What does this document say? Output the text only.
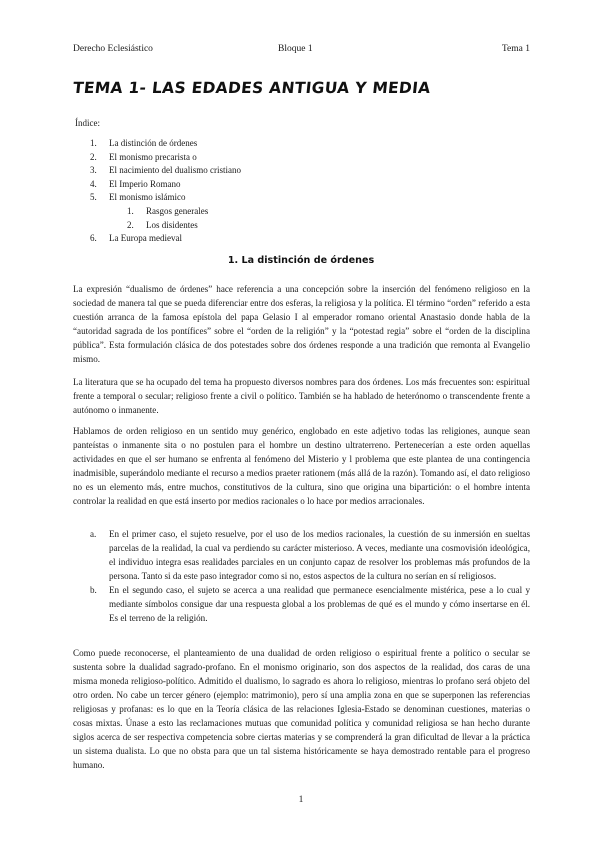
Derecho Eclesiástico	Bloque 1	Tema 1
TEMA 1- LAS EDADES ANTIGUA Y MEDIA
Índice:
1. La distinción de órdenes
2. El monismo precarista o
3. El nacimiento del dualismo cristiano
4. El Imperio Romano
5. El monismo islámico
1. Rasgos generales
2. Los disidentes
6. La Europa medieval
1. La distinción de órdenes

La expresión “dualismo de órdenes” hace referencia a una concepción sobre la inserción del fenómeno religioso en la sociedad de manera tal que se pueda diferenciar entre dos esferas, la religiosa y la política. El término “orden” referido a esta cuestión arranca de la famosa epístola del papa Gelasio I al emperador romano oriental Anastasio donde habla de la “autoridad sagrada de los pontífices” sobre el “orden de la religión” y la “potestad regia” sobre el “orden de la disciplina pública”. Esta formulación clásica de dos potestades sobre dos órdenes responde a una tradición que remonta al Evangelio mismo.

La literatura que se ha ocupado del tema ha propuesto diversos nombres para dos órdenes. Los más frecuentes son: espiritual frente a temporal o secular; religioso frente a civil o político. También se ha hablado de heterónomo o transcendente frente a autónomo o inmanente.

Hablamos de orden religioso en un sentido muy genérico, englobado en este adjetivo todas las religiones, aunque sean panteístas o inmanente sita o no postulen para el hombre un destino ultraterreno. Pertenecerían a este orden aquellas actividades en que el ser humano se enfrenta al fenómeno del Misterio y l problema que este plantea de una contingencia inadmisible, superándolo mediante el recurso a medios praeter rationem (más allá de la razón). Tomando así, el dato religioso no es un elemento más, entre muchos, constitutivos de la cultura, sino que origina una bipartición: o el hombre intenta controlar la realidad en que está inserto por medios racionales o lo hace por medios arracionales.

a. En el primer caso, el sujeto resuelve, por el uso de los medios racionales, la cuestión de su inmersión en sueltas parcelas de la realidad, la cual va perdiendo su carácter misterioso. A veces, mediante una cosmovisión ideológica, el individuo integra esas realidades parciales en un conjunto capaz de resolver los problemas más profundos de la persona. Tanto si da este paso integrador como si no, estos aspectos de la cultura no serían en sí religiosos.
b. En el segundo caso, el sujeto se acerca a una realidad que permanece esencialmente mistérica, pese a lo cual y mediante símbolos consigue dar una respuesta global a los problemas de qué es el mundo y cómo insertarse en él. Es el terreno de la religión.

Como puede reconocerse, el planteamiento de una dualidad de orden religioso o espiritual frente a político o secular se sustenta sobre la dualidad sagrado-profano. En el monismo originario, son dos aspectos de la realidad, dos caras de una misma moneda religioso-político. Admitido el dualismo, lo sagrado es ahora lo religioso, mientras lo profano será objeto del otro orden. No cabe un tercer género (ejemplo: matrimonio), pero sí una amplia zona en que se superponen las referencias religiosas y profanas: es lo que en la Teoría clásica de las relaciones Iglesia-Estado se denominan cuestiones, materias o cosas mixtas. Únase a esto las reclamaciones mutuas que comunidad política y comunidad religiosa se han hecho durante siglos acerca de ser respectiva competencia sobre ciertas materias y se comprenderá la gran dificultad de llevar a la práctica un sistema dualista. Lo que no obsta para que un tal sistema históricamente se haya demostrado rentable para el progreso humano.

1
